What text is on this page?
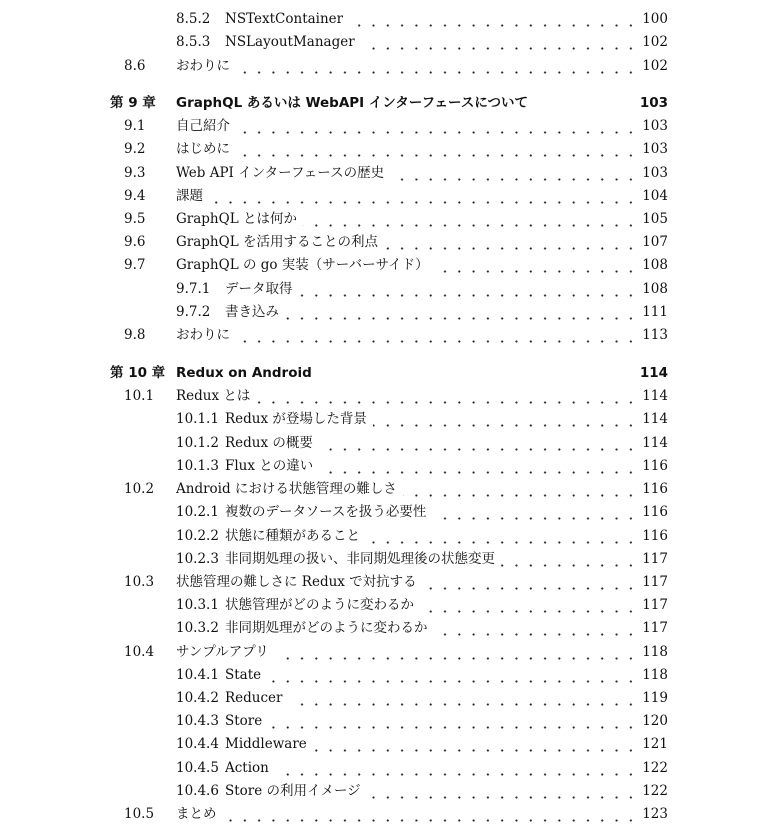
8.5.2 NSTextContainer	100
8.5.3 NSLayoutManager	102
8.6 おわりに	102
第 9 章 GraphQL あるいは WebAPI インターフェースについて	103
9.1 自己紹介	103
9.2 はじめに	103
9.3 Web API インターフェースの歴史	103
9.4 課題	104
9.5 GraphQL とは何か	105
9.6 GraphQL を活用することの利点	107
9.7 GraphQL の go 実装（サーバーサイド）	108
9.7.1 データ取得	108
9.7.2 書き込み	111
9.8 おわりに	113
第 10 章 Redux on Android	114
10.1 Redux とは	114
10.1.1 Redux が登場した背景	114
10.1.2 Redux の概要	114
10.1.3 Flux との違い	116
10.2 Android における状態管理の難しさ	116
10.2.1 複数のデータソースを扱う必要性	116
10.2.2 状態に種類があること	116
10.2.3 非同期処理の扱い、非同期処理後の状態変更	117
10.3 状態管理の難しさに Redux で対抗する	117
10.3.1 状態管理がどのように変わるか	117
10.3.2 非同期処理がどのように変わるか	117
10.4 サンプルアプリ	118
10.4.1 State	118
10.4.2 Reducer	119
10.4.3 Store	120
10.4.4 Middleware	121
10.4.5 Action	122
10.4.6 Store の利用イメージ	122
10.5 まとめ	123
